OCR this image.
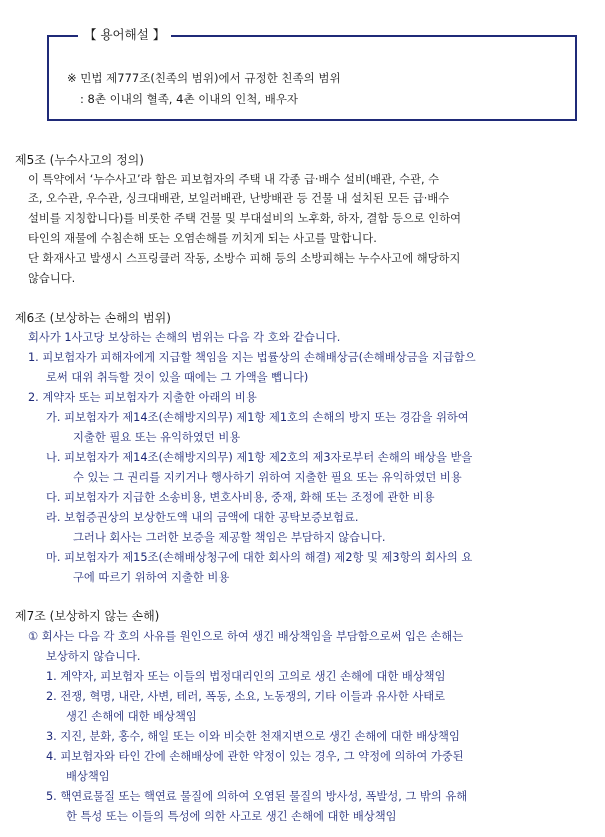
【 용어해설 】
※ 민법 제777조(친족의 범위)에서 규정한 친족의 범위
: 8촌 이내의 혈족, 4촌 이내의 인척, 배우자
제5조 (누수사고의 정의)
이 특약에서 ‘누수사고’라 함은 피보험자의 주택 내 각종 급·배수 설비(배관, 수관, 수
조, 오수관, 우수관, 싱크대배관, 보일러배관, 난방배관 등 건물 내 설치된 모든 급·배수
설비를 지칭합니다)를 비롯한 주택 건물 및 부대설비의 노후화, 하자, 결함 등으로 인하여
타인의 재물에 수침손해 또는 오염손해를 끼치게 되는 사고를 말합니다.
단 화재사고 발생시 스프링클러 작동, 소방수 피해 등의 소방피해는 누수사고에 해당하지
않습니다.
제6조 (보상하는 손해의 범위)
회사가 1사고당 보상하는 손해의 범위는 다음 각 호와 같습니다.
1. 피보험자가 피해자에게 지급할 책임을 지는 법률상의 손해배상금(손해배상금을 지급함으
로써 대위 취득할 것이 있을 때에는 그 가액을 뺍니다)
2. 계약자 또는 피보험자가 지출한 아래의 비용
가. 피보험자가 제14조(손해방지의무) 제1항 제1호의 손해의 방지 또는 경감을 위하여
지출한 필요 또는 유익하였던 비용
나. 피보험자가 제14조(손해방지의무) 제1항 제2호의 제3자로부터 손해의 배상을 받을
수 있는 그 권리를 지키거나 행사하기 위하여 지출한 필요 또는 유익하였던 비용
다. 피보험자가 지급한 소송비용, 변호사비용, 중재, 화해 또는 조정에 관한 비용
라. 보험증권상의 보상한도액 내의 금액에 대한 공탁보증보험료.
그러나 회사는 그러한 보증을 제공할 책임은 부담하지 않습니다.
마. 피보험자가 제15조(손해배상청구에 대한 회사의 해결) 제2항 및 제3항의 회사의 요
구에 따르기 위하여 지출한 비용
제7조 (보상하지 않는 손해)
① 회사는 다음 각 호의 사유를 원인으로 하여 생긴 배상책임을 부담함으로써 입은 손해는
보상하지 않습니다.
1. 계약자, 피보험자 또는 이들의 법정대리인의 고의로 생긴 손해에 대한 배상책임
2. 전쟁, 혁명, 내란, 사변, 테러, 폭동, 소요, 노동쟁의, 기타 이들과 유사한 사태로
생긴 손해에 대한 배상책임
3. 지진, 분화, 홍수, 해일 또는 이와 비슷한 천재지변으로 생긴 손해에 대한 배상책임
4. 피보험자와 타인 간에 손해배상에 관한 약정이 있는 경우, 그 약정에 의하여 가중된
배상책임
5. 핵연료물질 또는 핵연료 물질에 의하여 오염된 물질의 방사성, 폭발성, 그 밖의 유해
한 특성 또는 이들의 특성에 의한 사고로 생긴 손해에 대한 배상책임
